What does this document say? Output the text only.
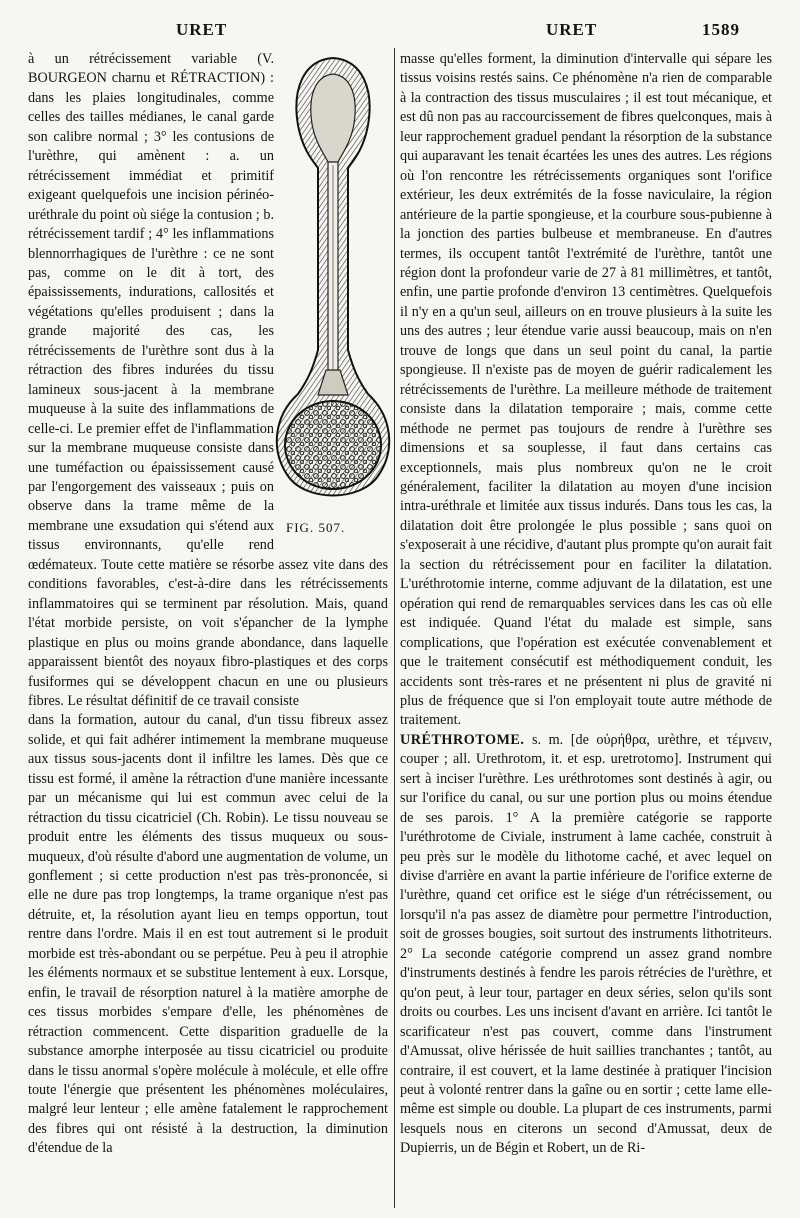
URET	URET	1589
FIG. 507.

à un rétrécissement variable (V. BOURGEON charnu et RÉTRACTION) : dans les plaies longitudinales, comme celles des tailles médianes, le canal garde son calibre normal ; 3° les contusions de l'urèthre, qui amènent : a. un rétrécissement immédiat et primitif exigeant quelquefois une incision périnéo-uréthrale du point où siége la contusion ; b. rétrécissement tardif ; 4° les inflammations blennorrhagiques de l'urèthre : ce ne sont pas, comme on le dit à tort, des épaississements, indurations, callosités et végétations qu'elles produisent ; dans la grande majorité des cas, les rétrécissements de l'urèthre sont dus à la rétraction des fibres indurées du tissu lamineux sous-jacent à la membrane muqueuse à la suite des inflammations de celle-ci. Le premier effet de l'inflammation sur la membrane muqueuse consiste dans une tuméfaction ou épaississement causé par l'engorgement des vaisseaux ; puis on observe dans la trame même de la membrane une exsudation qui s'étend aux tissus environnants, qu'elle rend œdémateux. Toute cette matière se résorbe assez vite dans des conditions favorables, c'est-à-dire dans les rétrécissements inflammatoires qui se terminent par résolution. Mais, quand l'état morbide persiste, on voit s'épancher de la lymphe plastique en plus ou moins grande abondance, dans laquelle apparaissent bientôt des noyaux fibro-plastiques et des corps fusiformes qui se développent chacun en une ou plusieurs fibres. Le résultat définitif de ce travail consiste

dans la formation, autour du canal, d'un tissu fibreux assez solide, et qui fait adhérer intimement la membrane muqueuse aux tissus sous-jacents dont il infiltre les lames. Dès que ce tissu est formé, il amène la rétraction d'une manière incessante par un mécanisme qui lui est commun avec celui de la rétraction du tissu cicatriciel (Ch. Robin). Le tissu nouveau se produit entre les éléments des tissus muqueux ou sous-muqueux, d'où résulte d'abord une augmentation de volume, un gonflement ; si cette production n'est pas très-prononcée, si elle ne dure pas trop longtemps, la trame organique n'est pas détruite, et, la résolution ayant lieu en temps opportun, tout rentre dans l'ordre. Mais il en est tout autrement si le produit morbide est très-abondant ou se perpétue. Peu à peu il atrophie les éléments normaux et se substitue lentement à eux. Lorsque, enfin, le travail de résorption naturel à la matière amorphe de ces tissus morbides s'empare d'elle, les phénomènes de rétraction commencent. Cette disparition graduelle de la substance amorphe interposée au tissu cicatriciel ou produite dans le tissu anormal s'opère molécule à molécule, et elle offre toute l'énergie que présentent les phénomènes moléculaires, malgré leur lenteur ; elle amène fatalement le rapprochement des fibres qui ont résisté à la destruction, la diminution d'étendue de la

masse qu'elles forment, la diminution d'intervalle qui sépare les tissus voisins restés sains. Ce phénomène n'a rien de comparable à la contraction des tissus musculaires ; il est tout mécanique, et est dû non pas au raccourcissement de fibres quelconques, mais à leur rapprochement graduel pendant la résorption de la substance qui auparavant les tenait écartées les unes des autres. Les régions où l'on rencontre les rétrécissements organiques sont l'orifice extérieur, les deux extrémités de la fosse naviculaire, la région antérieure de la partie spongieuse, et la courbure sous-pubienne à la jonction des parties bulbeuse et membraneuse. En d'autres termes, ils occupent tantôt l'extrémité de l'urèthre, tantôt une région dont la profondeur varie de 27 à 81 millimètres, et tantôt, enfin, une partie profonde d'environ 13 centimètres. Quelquefois il n'y en a qu'un seul, ailleurs on en trouve plusieurs à la suite les uns des autres ; leur étendue varie aussi beaucoup, mais on n'en trouve de longs que dans un seul point du canal, la partie spongieuse. Il n'existe pas de moyen de guérir radicalement les rétrécissements de l'urèthre. La meilleure méthode de traitement consiste dans la dilatation temporaire ; mais, comme cette méthode ne permet pas toujours de rendre à l'urèthre ses dimensions et sa souplesse, il faut dans certains cas exceptionnels, mais plus nombreux qu'on ne le croit généralement, faciliter la dilatation au moyen d'une incision intra-uréthrale et limitée aux tissus indurés. Dans tous les cas, la dilatation doit être prolongée le plus possible ; sans quoi on s'exposerait à une récidive, d'autant plus prompte qu'on aurait fait la section du rétrécissement pour en faciliter la dilatation. L'uréthrotomie interne, comme adjuvant de la dilatation, est une opération qui rend de remarquables services dans les cas où elle est indiquée. Quand l'état du malade est simple, sans complications, que l'opération est exécutée convenablement et que le traitement consécutif est méthodiquement conduit, les accidents sont très-rares et ne présentent ni plus de gravité ni plus de fréquence que si l'on employait toute autre méthode de traitement.

URÉTHROTOME. s. m. [de οὐρήθρα, urèthre, et τέμνειν, couper ; all. Urethrotom, it. et esp. uretrotomo]. Instrument qui sert à inciser l'urèthre. Les uréthrotomes sont destinés à agir, ou sur l'orifice du canal, ou sur une portion plus ou moins étendue de ses parois. 1° A la première catégorie se rapporte l'uréthrotome de Civiale, instrument à lame cachée, construit à peu près sur le modèle du lithotome caché, et avec lequel on divise d'arrière en avant la partie inférieure de l'orifice externe de l'urèthre, quand cet orifice est le siége d'un rétrécissement, ou lorsqu'il n'a pas assez de diamètre pour permettre l'introduction, soit de grosses bougies, soit surtout des instruments lithotriteurs. 2° La seconde catégorie comprend un assez grand nombre d'instruments destinés à fendre les parois rétrécies de l'urèthre, et qu'on peut, à leur tour, partager en deux séries, selon qu'ils sont droits ou courbes. Les uns incisent d'avant en arrière. Ici tantôt le scarificateur n'est pas couvert, comme dans l'instrument d'Amussat, olive hérissée de huit saillies tranchantes ; tantôt, au contraire, il est couvert, et la lame destinée à pratiquer l'incision peut à volonté rentrer dans la gaîne ou en sortir ; cette lame elle-même est simple ou double. La plupart de ces instruments, parmi lesquels nous en citerons un second d'Amussat, deux de Dupierris, un de Bégin et Robert, un de Ri-
